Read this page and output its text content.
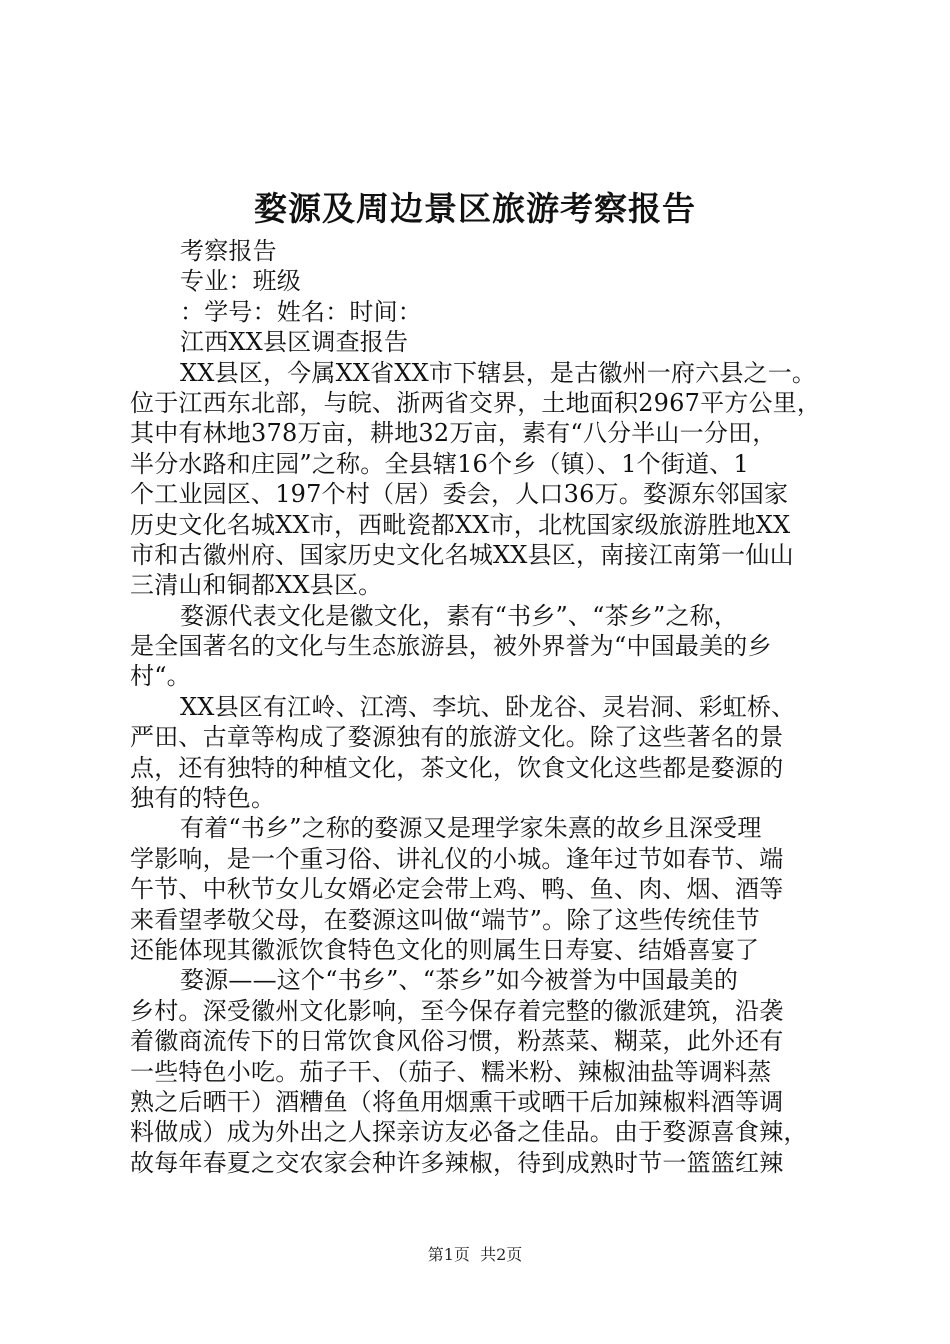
婺源及周边景区旅游考察报告
考察报告
专业：班级
：学号：姓名：时间：
江西XX县区调查报告
XX县区，今属XX省XX市下辖县，是古徽州一府六县之一。
位于江西东北部，与皖、浙两省交界，土地面积2967平方公里，
其中有林地378万亩，耕地32万亩，素有“八分半山一分田，
半分水路和庄园”之称。全县辖16个乡（镇）、1个街道、1
个工业园区、197个村（居）委会，人口36万。婺源东邻国家
历史文化名城XX市，西毗瓷都XX市，北枕国家级旅游胜地XX
市和古徽州府、国家历史文化名城XX县区，南接江南第一仙山
三清山和铜都XX县区。
婺源代表文化是徽文化，素有“书乡”、“茶乡”之称，
是全国著名的文化与生态旅游县，被外界誉为“中国最美的乡
村“。
XX县区有江岭、江湾、李坑、卧龙谷、灵岩洞、彩虹桥、
严田、古章等构成了婺源独有的旅游文化。除了这些著名的景
点，还有独特的种植文化，茶文化，饮食文化这些都是婺源的
独有的特色。
有着“书乡”之称的婺源又是理学家朱熹的故乡且深受理
学影响，是一个重习俗、讲礼仪的小城。逢年过节如春节、端
午节、中秋节女儿女婿必定会带上鸡、鸭、鱼、肉、烟、酒等
来看望孝敬父母，在婺源这叫做“端节”。除了这些传统佳节
还能体现其徽派饮食特色文化的则属生日寿宴、结婚喜宴了
婺源——这个“书乡”、“茶乡”如今被誉为中国最美的
乡村。深受徽州文化影响，至今保存着完整的徽派建筑，沿袭
着徽商流传下的日常饮食风俗习惯，粉蒸菜、糊菜，此外还有
一些特色小吃。茄子干、（茄子、糯米粉、辣椒油盐等调料蒸
熟之后晒干）酒糟鱼（将鱼用烟熏干或晒干后加辣椒料酒等调
料做成）成为外出之人探亲访友必备之佳品。由于婺源喜食辣，
故每年春夏之交农家会种许多辣椒，待到成熟时节一篮篮红辣
第1页 共2页
